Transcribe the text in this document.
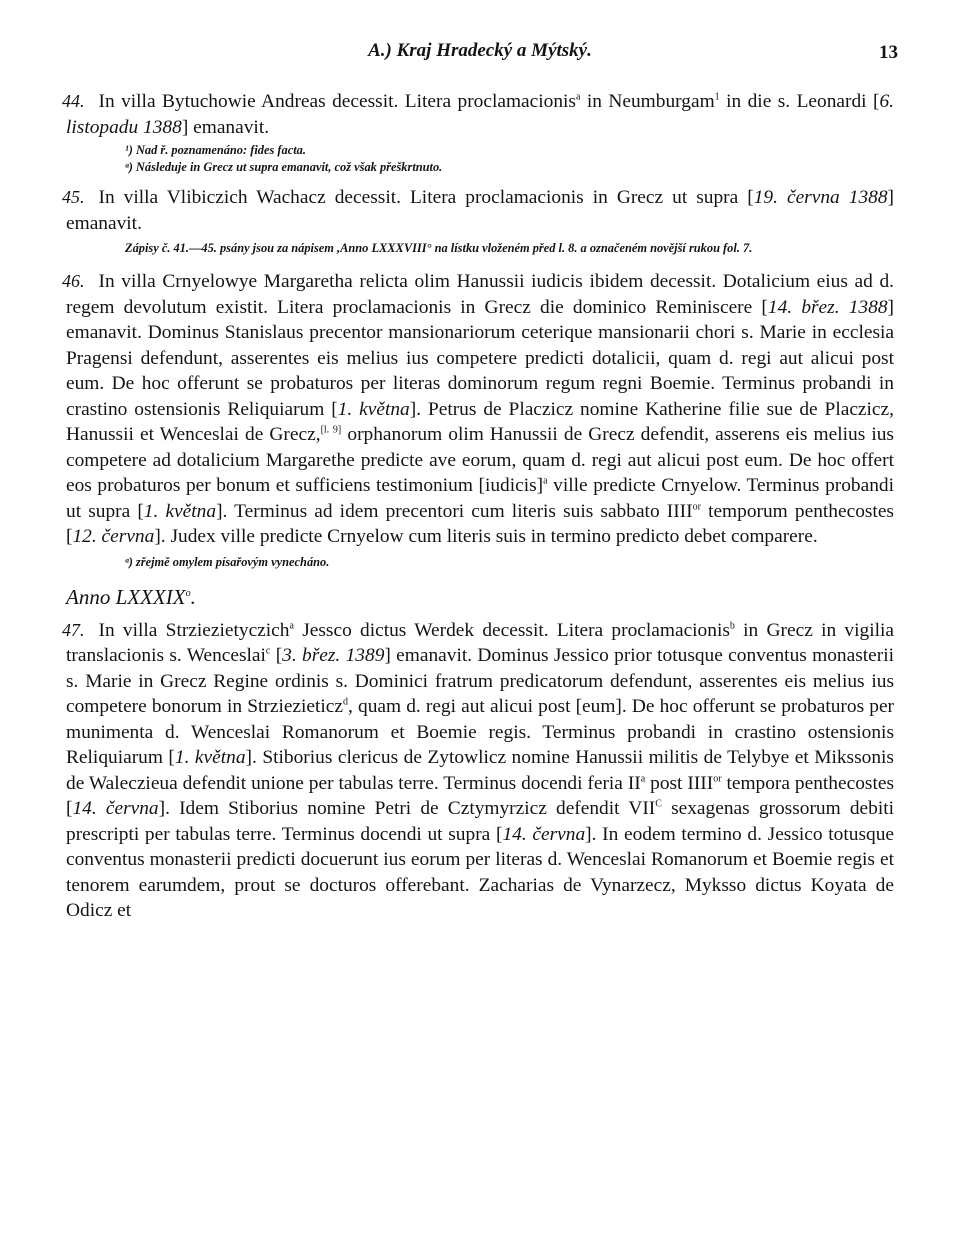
A.) Kraj Hradecký a Mýtský.	13

44. In villa Bytuchowie Andreas decessit. Litera proclamacionis$^a$ in Neumburgam$^1$ in die s. Leonardi [6. listopadu 1388] emanavit.

¹) Nad ř. poznamenáno: fides facta.

ᵃ) Následuje in Grecz ut supra emanavit, což však přeškrtnuto.

45. In villa Vlibiczich Wachacz decessit. Litera proclamacionis in Grecz ut supra [19. června 1388] emanavit.

Zápisy č. 41.—45. psány jsou za nápisem ,Anno LXXXVIII° na lístku vloženém před l. 8. a označeném novější rukou fol. 7.

46. In villa Crnyelowye Margaretha relicta olim Hanussii iudicis ibidem decessit. Dotalicium eius ad d. regem devolutum existit. Litera proclamacionis in Grecz die dominico Reminiscere [14. břez. 1388] emanavit. Dominus Stanislaus precentor mansionariorum ceterique mansionarii chori s. Marie in ecclesia Pragensi defendunt, asserentes eis melius ius competere predicti dotalicii, quam d. regi aut alicui post eum. De hoc offerunt se probaturos per literas dominorum regum regni Boemie. Terminus probandi in crastino ostensionis Reliquiarum [1. května]. Petrus de Placzicz nomine Katherine filie sue de Placzicz, Hanussii et Wenceslai de Grecz,[l. 9] orphanorum olim Hanussii de Grecz defendit, asserens eis melius ius competere ad dotalicium Margarethe predicte ave eorum, quam d. regi aut alicui post eum. De hoc offert eos probaturos per bonum et sufficiens testimonium [iudicis]$^a$ ville predicte Crnyelow. Terminus probandi ut supra [1. května]. Terminus ad idem precentori cum literis suis sabbato $IIII^{or}$ temporum penthecostes [12. června]. Judex ville predicte Crnyelow cum literis suis in termino predicto debet comparere.

ᵃ) zřejmě omylem písařovým vynecháno.

Anno LXXXIX$^o$.

47. In villa Strziezietyczich$^a$ Jessco dictus Werdek decessit. Litera proclamacionis$^b$ in Grecz in vigilia translacionis s. Wenceslai$^c$ [3. břez. 1389] emanavit. Dominus Jessico prior totusque conventus monasterii s. Marie in Grecz Regine ordinis s. Dominici fratrum predicatorum defendunt, asserentes eis melius ius competere bonorum in Strziezieticz$^d$, quam d. regi aut alicui post [eum]. De hoc offerunt se probaturos per munimenta d. Wenceslai Romanorum et Boemie regis. Terminus probandi in crastino ostensionis Reliquiarum [1. května]. Stiborius clericus de Zytowlicz nomine Hanussii militis de Telybye et Mikssonis de Waleczieua defendit unione per tabulas terre. Terminus docendi feria $II^a$ post $IIII^{or}$ tempora penthecostes [14. června]. Idem Stiborius nomine Petri de Cztymyrzicz defendit $VII^C$ sexagenas grossorum debiti prescripti per tabulas terre. Terminus docendi ut supra [14. června]. In eodem termino d. Jessico totusque conventus monasterii predicti docuerunt ius eorum per literas d. Wenceslai Romanorum et Boemie regis et tenorem earumdem, prout se docturos offerebant. Zacharias de Vynarzecz, Myksso dictus Koyata de Odicz et
